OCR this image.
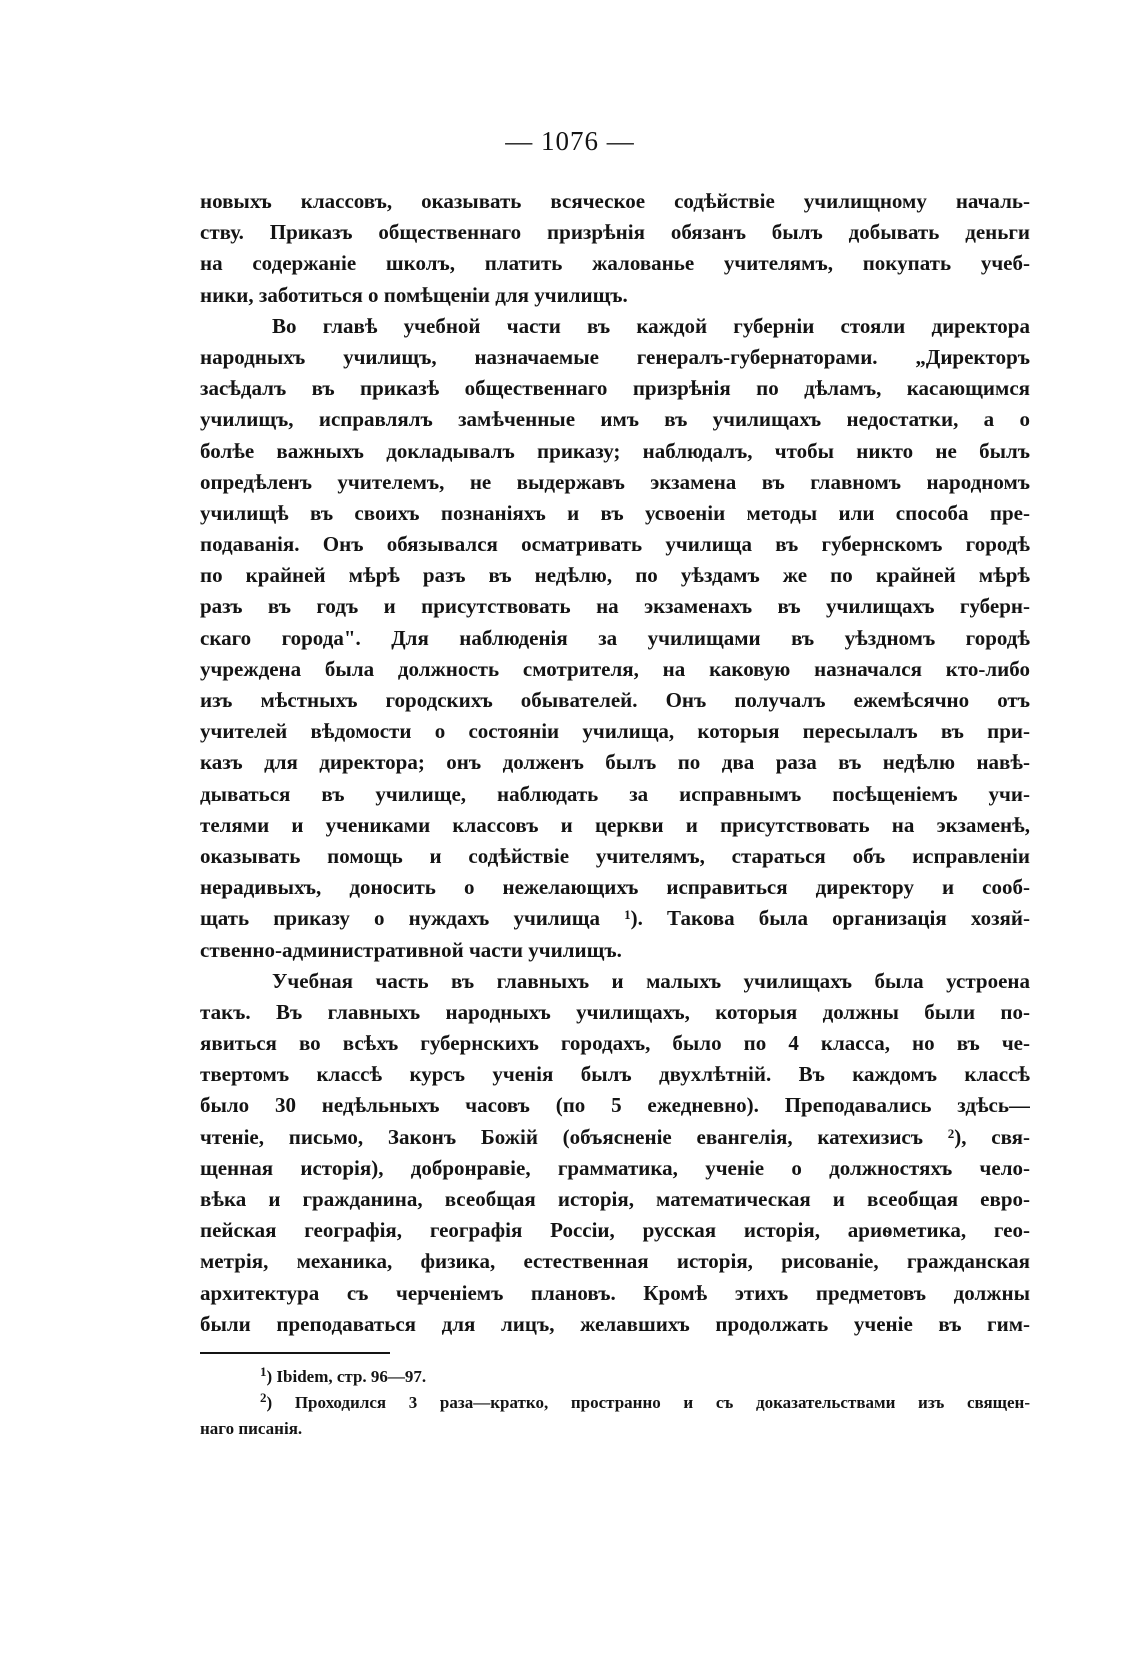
— 1076 —
новыхъ классовъ, оказывать всяческое содѣйствіе училищному началь-
ству. Приказъ общественнаго призрѣнія обязанъ былъ добывать деньги
на содержаніе школъ, платить жалованье учителямъ, покупать учеб-
ники, заботиться о помѣщеніи для училищъ.
Во главѣ учебной части въ каждой губерніи стояли директора
народныхъ училищъ, назначаемые генералъ-губернаторами. „Директоръ
засѣдалъ въ приказѣ общественнаго призрѣнія по дѣламъ, касающимся
училищъ, исправлялъ замѣченные имъ въ училищахъ недостатки, а о
болѣе важныхъ докладывалъ приказу; наблюдалъ, чтобы никто не былъ
опредѣленъ учителемъ, не выдержавъ экзамена въ главномъ народномъ
училищѣ въ своихъ познаніяхъ и въ усвоеніи методы или способа пре-
подаванія. Онъ обязывался осматривать училища въ губернскомъ городѣ
по крайней мѣрѣ разъ въ недѣлю, по уѣздамъ же по крайней мѣрѣ
разъ въ годъ и присутствовать на экзаменахъ въ училищахъ губерн-
скаго города". Для наблюденія за училищами въ уѣздномъ городѣ
учреждена была должность смотрителя, на каковую назначался кто-либо
изъ мѣстныхъ городскихъ обывателей. Онъ получалъ ежемѣсячно отъ
учителей вѣдомости о состояніи училища, которыя пересылалъ въ при-
казъ для директора; онъ долженъ былъ по два раза въ недѣлю навѣ-
дываться въ училище, наблюдать за исправнымъ посѣщеніемъ учи-
телями и учениками классовъ и церкви и присутствовать на экзаменѣ,
оказывать помощь и содѣйствіе учителямъ, стараться объ исправленіи
нерадивыхъ, доносить о нежелающихъ исправиться директору и сооб-
щать приказу о нуждахъ училища $^1$). Такова была организація хозяй-
ственно-административной части училищъ.
Учебная часть въ главныхъ и малыхъ училищахъ была устроена
такъ. Въ главныхъ народныхъ училищахъ, которыя должны были по-
явиться во всѣхъ губернскихъ городахъ, было по 4 класса, но въ че-
твертомъ классѣ курсъ ученія былъ двухлѣтній. Въ каждомъ классѣ
было 30 недѣльныхъ часовъ (по 5 ежедневно). Преподавались здѣсь—
чтеніе, письмо, Законъ Божій (объясненіе евангелія, катехизисъ $^2$), свя-
щенная исторія), добронравіе, грамматика, ученіе о должностяхъ чело-
вѣка и гражданина, всеобщая исторія, математическая и всеобщая евро-
пейская географія, географія Россіи, русская исторія, ариѳметика, гео-
метрія, механика, физика, естественная исторія, рисованіе, гражданская
архитектура съ черченіемъ плановъ. Кромѣ этихъ предметовъ должны
были преподаваться для лицъ, желавшихъ продолжать ученіе въ гим-
$^1$) Ibidem, стр. 96—97.
$^2$) Проходился 3 раза—кратко, пространно и съ доказательствами изъ священ-
наго писанія.
